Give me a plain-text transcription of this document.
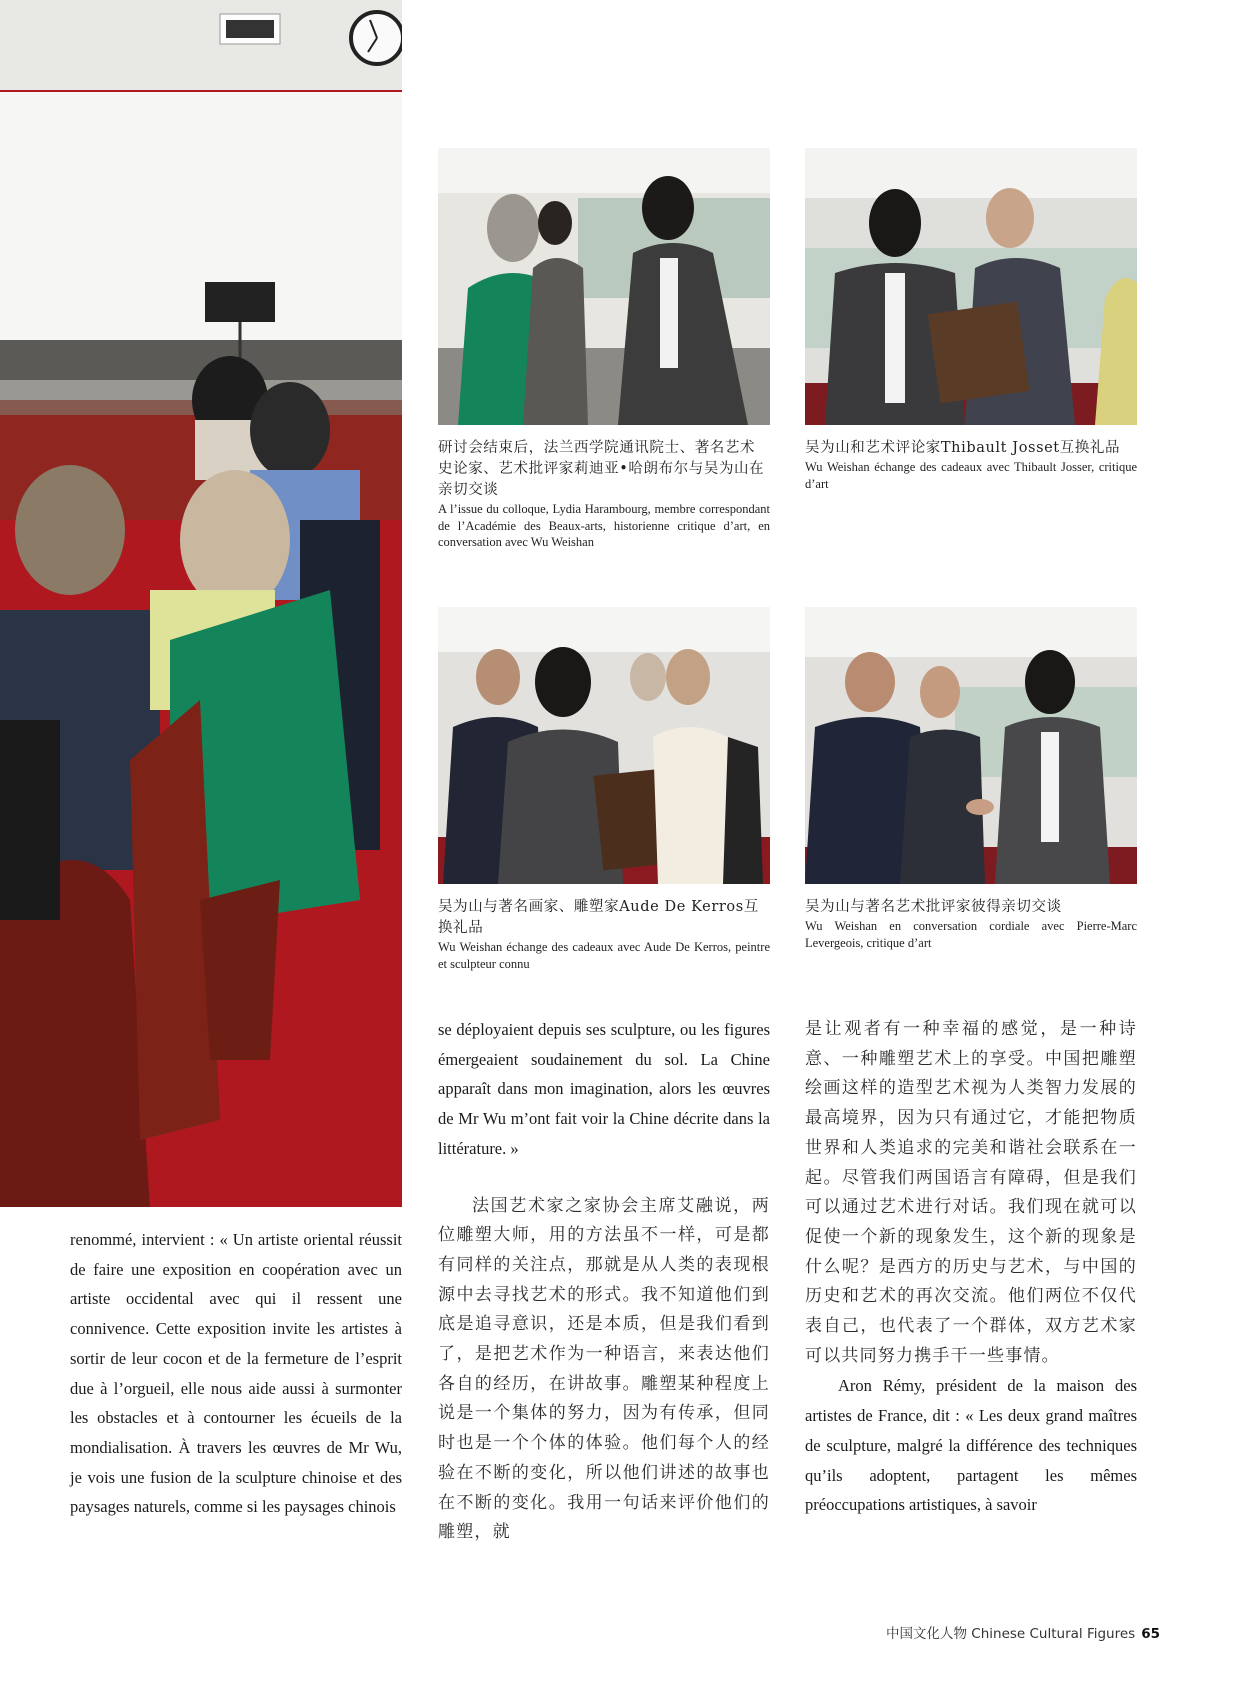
研讨会结束后，法兰西学院通讯院士、著名艺术史论家、艺术批评家莉迪亚•哈朗布尔与吴为山在亲切交谈
A l’issue du colloque, Lydia Harambourg, membre correspondant de l’Académie des Beaux-arts, historienne critique d’art, en conversation avec Wu Weishan
吴为山和艺术评论家Thibault Josset互换礼品
Wu Weishan échange des cadeaux avec Thibault Josser, critique d’art
吴为山与著名画家、雕塑家Aude De Kerros互换礼品
Wu Weishan échange des cadeaux avec Aude De Kerros, peintre et sculpteur connu
吴为山与著名艺术批评家彼得亲切交谈
Wu Weishan en conversation cordiale avec Pierre-Marc Levergeois, critique d’art

renommé, intervient : « Un artiste oriental réussit de faire une exposition en coopération avec un artiste occidental avec qui il ressent une connivence. Cette exposition invite les artistes à sortir de leur cocon et de la fermeture de l’esprit due à l’orgueil, elle nous aide aussi à surmonter les obstacles et à contourner les écueils de la mondialisation. À travers les œuvres de Mr Wu, je vois une fusion de la sculpture chinoise et des paysages naturels, comme si les paysages chinois

se déployaient depuis ses sculpture, ou les figures émergeaient soudainement du sol. La Chine apparaît dans mon imagination, alors les œuvres de Mr Wu m’ont fait voir la Chine décrite dans la littérature. »

法国艺术家之家协会主席艾融说，两位雕塑大师，用的方法虽不一样，可是都有同样的关注点，那就是从人类的表现根源中去寻找艺术的形式。我不知道他们到底是追寻意识，还是本质，但是我们看到了，是把艺术作为一种语言，来表达他们各自的经历，在讲故事。雕塑某种程度上说是一个集体的努力，因为有传承，但同时也是一个个体的体验。他们每个人的经验在不断的变化，所以他们讲述的故事也在不断的变化。我用一句话来评价他们的雕塑，就

是让观者有一种幸福的感觉，是一种诗意、一种雕塑艺术上的享受。中国把雕塑绘画这样的造型艺术视为人类智力发展的最高境界，因为只有通过它，才能把物质世界和人类追求的完美和谐社会联系在一起。尽管我们两国语言有障碍，但是我们可以通过艺术进行对话。我们现在就可以促使一个新的现象发生，这个新的现象是什么呢？是西方的历史与艺术，与中国的历史和艺术的再次交流。他们两位不仅代表自己，也代表了一个群体，双方艺术家可以共同努力携手干一些事情。

Aron Rémy, président de la maison des artistes de France, dit : « Les deux grand maîtres de sculpture, malgré la différence des techniques qu’ils adoptent, partagent les mêmes préoccupations artistiques, à savoir

中国文化人物 Chinese Cultural Figures 65
